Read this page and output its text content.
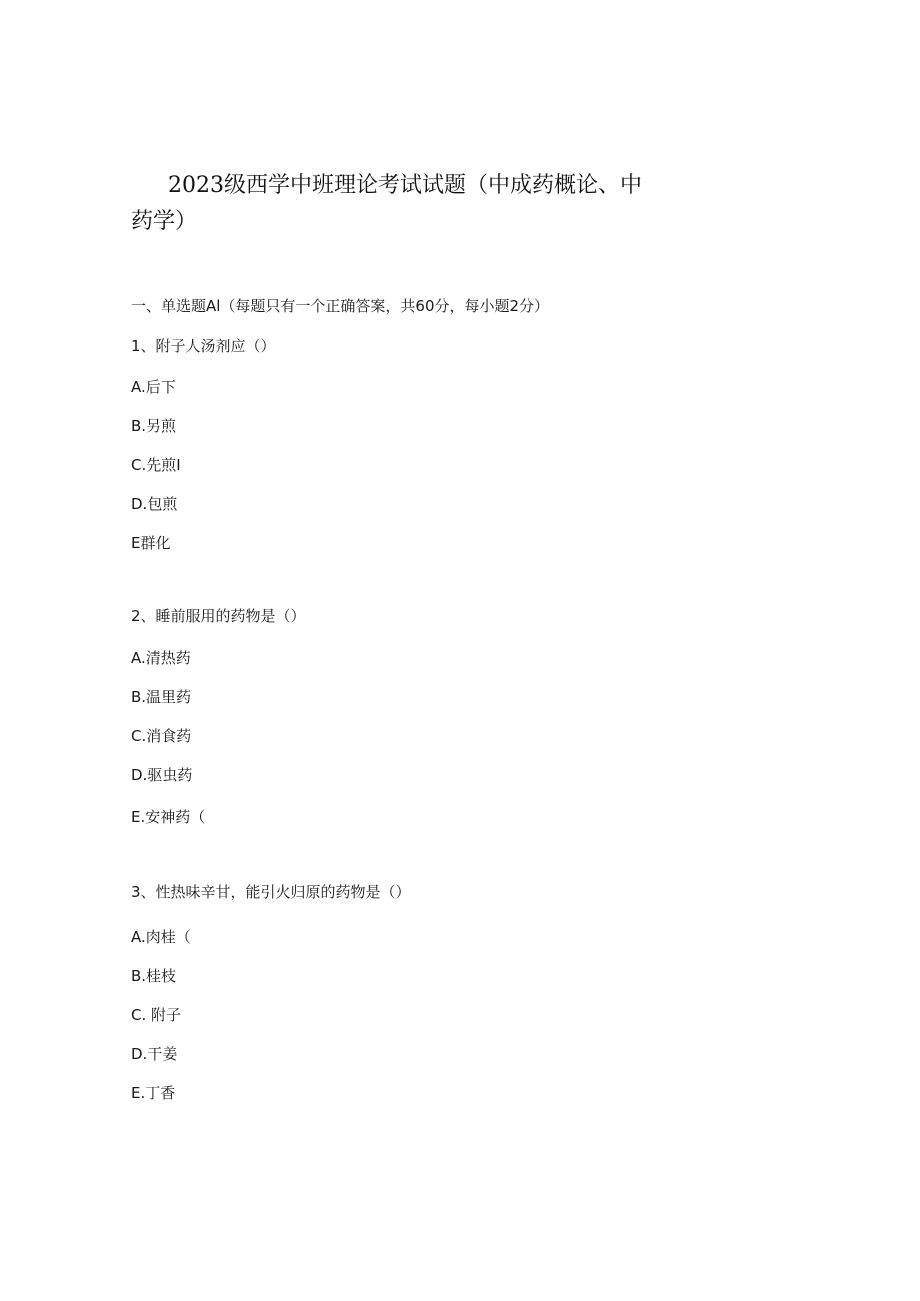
2023级西学中班理论考试试题（中成药概论、中药学）
一、单选题Al（每题只有一个正确答案，共60分，每小题2分）
1、附子人汤剂应（）
A.后下
B.另煎
C.先煎I
D.包煎
E群化
2、睡前服用的药物是（）
A.清热药
B.温里药
C.消食药
D.驱虫药
E.安神药（
3、性热味辛甘，能引火归原的药物是（）
A.肉桂（
B.桂枝
C. 附子
D.干姜
E.丁香
